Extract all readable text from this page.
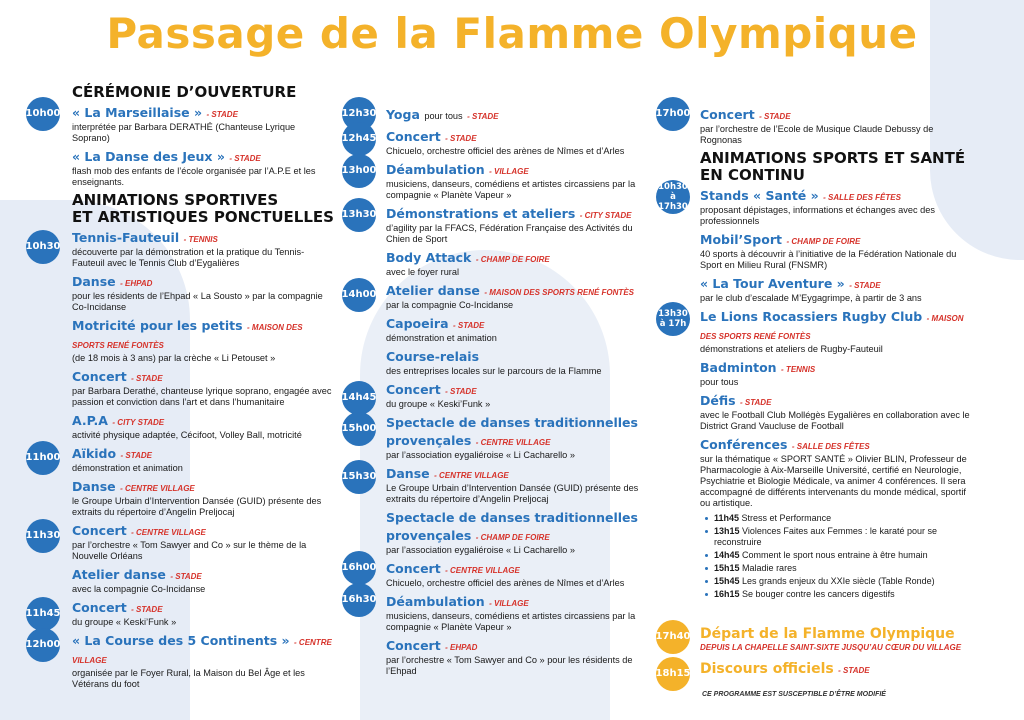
Passage de la Flamme Olympique
10h00
10h30
11h00
11h30
11h45
12h00
12h30
12h45
13h00
13h30
14h00
14h45
15h00
15h30
16h00
16h30
17h00
10h30 à 17h30
13h30 à 17h
17h40
18h15
CÉRÉMONIE D’OUVERTURE
« La Marseillaise » - STADE
interprétée par Barbara DERATHÉ (Chanteuse Lyrique Soprano)
« La Danse des Jeux » - STADE
flash mob des enfants de l’école organisée par l’A.P.E et les enseignants.
ANIMATIONS SPORTIVES
ET ARTISTIQUES PONCTUELLES
Tennis-Fauteuil - TENNIS
découverte par la démonstration et la pratique du Tennis-Fauteuil avec le Tennis Club d’Eygalières
Danse - EHPAD
pour les résidents de l’Ehpad « La Sousto » par la compagnie Co-Incidanse
Motricité pour les petits - MAISON DES SPORTS RENÉ FONTÈS
(de 18 mois à 3 ans) par la crèche « Li Petouset »
Concert - STADE
par Barbara Derathé, chanteuse lyrique soprano, engagée avec passion et conviction dans l’art et dans l’humanitaire
A.P.A - CITY STADE
activité physique adaptée, Cécifoot, Volley Ball, motricité
Aïkido - STADE
démonstration et animation
Danse - CENTRE VILLAGE
le Groupe Urbain d’Intervention Dansée (GUID) présente des extraits du répertoire d’Angelin Preljocaj
Concert - CENTRE VILLAGE
par l’orchestre « Tom Sawyer and Co » sur le thème de la Nouvelle Orléans
Atelier danse - STADE
avec la compagnie Co-Incidanse
Concert - STADE
du groupe « Keski’Funk »
« La Course des 5 Continents » - CENTRE VILLAGE
organisée par le Foyer Rural, la Maison du Bel Âge et les Vétérans du foot
Yoga pour tous - STADE
Concert - STADE
Chicuelo, orchestre officiel des arènes de Nîmes et d’Arles
Déambulation - VILLAGE
musiciens, danseurs, comédiens et artistes circassiens par la compagnie « Planète Vapeur »
Démonstrations et ateliers - CITY STADE
d’agility par la FFACS, Fédération Française des Activités du Chien de Sport
Body Attack - CHAMP DE FOIRE
avec le foyer rural
Atelier danse - MAISON DES SPORTS RENÉ FONTÈS
par la compagnie Co-Incidanse
Capoeira - STADE
démonstration et animation
Course-relais
des entreprises locales sur le parcours de la Flamme
Concert - STADE
du groupe « Keski’Funk »
Spectacle de danses traditionnelles provençales - CENTRE VILLAGE
par l’association eygaliéroise « Li Cacharello »
Danse - CENTRE VILLAGE
Le Groupe Urbain d’Intervention Dansée (GUID) présente des extraits du répertoire d’Angelin Preljocaj
Spectacle de danses traditionnelles provençales - CHAMP DE FOIRE
par l’association eygaliéroise « Li Cacharello »
Concert - CENTRE VILLAGE
Chicuelo, orchestre officiel des arènes de Nîmes et d’Arles
Déambulation - VILLAGE
musiciens, danseurs, comédiens et artistes circassiens par la compagnie « Planète Vapeur »
Concert - EHPAD
par l’orchestre « Tom Sawyer and Co » pour les résidents de l’Ehpad
Concert - STADE
par l’orchestre de l’Ecole de Musique Claude Debussy de Rognonas
ANIMATIONS SPORTS ET SANTÉ
EN CONTINU
Stands « Santé » - SALLE DES FÊTES
proposant dépistages, informations et échanges avec des professionnels
Mobil’Sport - CHAMP DE FOIRE
40 sports à découvrir à l’initiative de la Fédération Nationale du Sport en Milieu Rural (FNSMR)
« La Tour Aventure » - STADE
par le club d’escalade M’Eygagrimpe, à partir de 3 ans
Le Lions Rocassiers Rugby Club - MAISON DES SPORTS RENÉ FONTÈS
démonstrations et ateliers de Rugby-Fauteuil
Badminton - TENNIS
pour tous
Défis - STADE
avec le Football Club Mollégès Eygalières en collaboration avec le District Grand Vaucluse de Football
Conférences - SALLE DES FÊTES
sur la thématique « SPORT SANTÉ » Olivier BLIN, Professeur de Pharmacologie à Aix-Marseille Université, certifié en Neurologie, Psychiatrie et Biologie Médicale, va animer 4 conférences. Il sera accompagné de différents intervenants du monde médical, sportif ou artistique.
11h45 Stress et Performance
13h15 Violences Faites aux Femmes : le karaté pour se reconstruire
14h45 Comment le sport nous entraine à être humain
15h15 Maladie rares
15h45 Les grands enjeux du XXIe siècle (Table Ronde)
16h15 Se bouger contre les cancers digestifs
Départ de la Flamme Olympique
DEPUIS LA CHAPELLE SAINT-SIXTE JUSQU’AU CŒUR DU VILLAGE
Discours officiels - STADE
CE PROGRAMME EST SUSCEPTIBLE D’ÊTRE MODIFIÉ
